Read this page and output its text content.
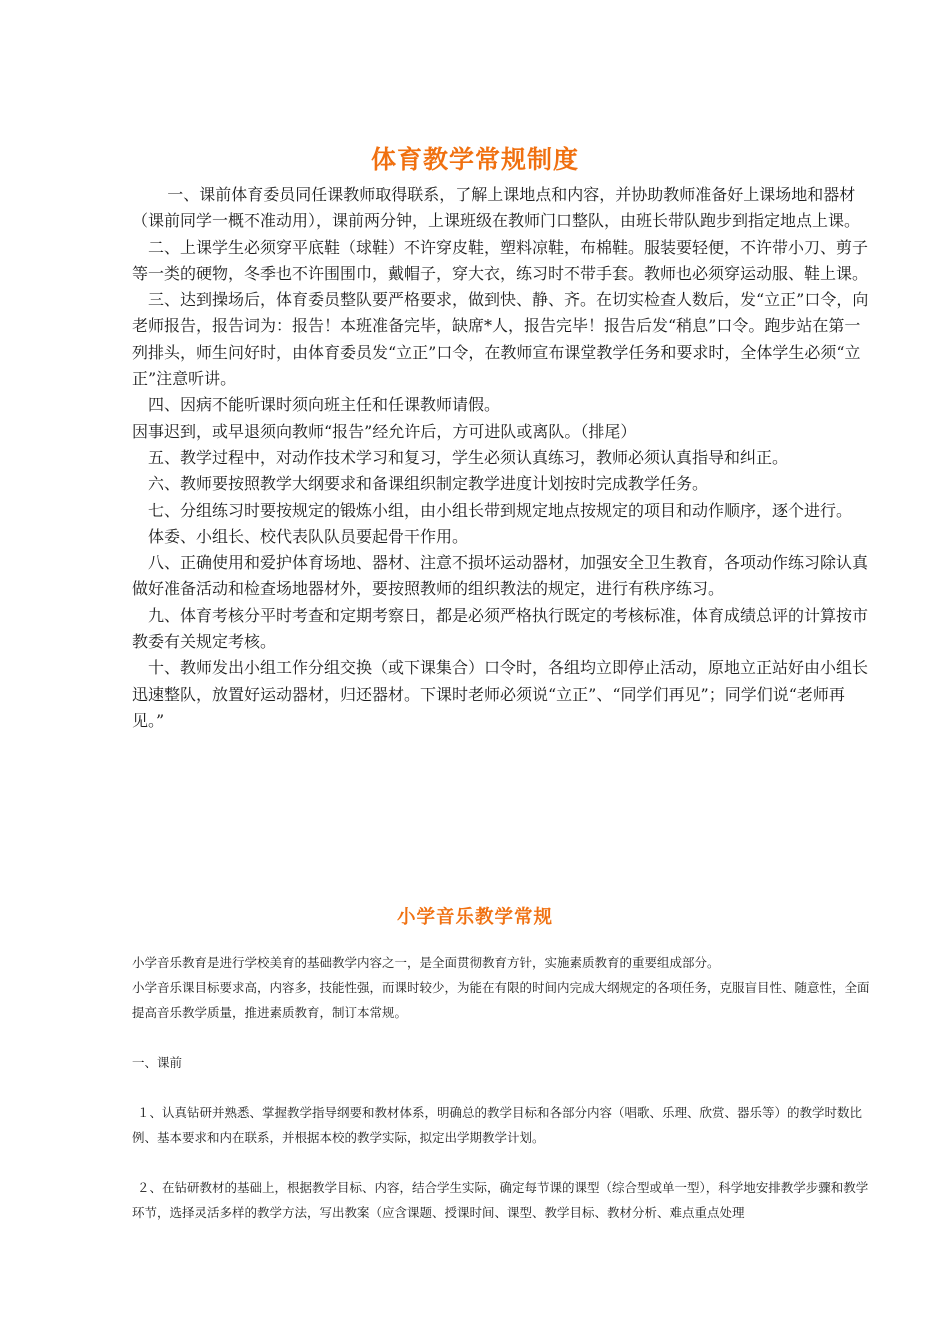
体育教学常规制度

一、课前体育委员同任课教师取得联系，了解上课地点和内容，并协助教师准备好上课场地和器材（课前同学一概不准动用），课前两分钟，上课班级在教师门口整队，由班长带队跑步到指定地点上课。

二、上课学生必须穿平底鞋（球鞋）不许穿皮鞋，塑料凉鞋，布棉鞋。服装要轻便，不许带小刀、剪子等一类的硬物，冬季也不许围围巾，戴帽子，穿大衣，练习时不带手套。教师也必须穿运动服、鞋上课。

三、达到操场后，体育委员整队要严格要求，做到快、静、齐。在切实检查人数后，发“立正”口令，向老师报告，报告词为：报告！本班准备完毕，缺席*人，报告完毕！报告后发“稍息”口令。跑步站在第一列排头，师生问好时，由体育委员发“立正”口令，在教师宣布课堂教学任务和要求时，全体学生必须“立正”注意听讲。

四、因病不能听课时须向班主任和任课教师请假。

因事迟到，或早退须向教师“报告”经允许后，方可进队或离队。（排尾）

五、教学过程中，对动作技术学习和复习，学生必须认真练习，教师必须认真指导和纠正。

六、教师要按照教学大纲要求和备课组织制定教学进度计划按时完成教学任务。

七、分组练习时要按规定的锻炼小组，由小组长带到规定地点按规定的项目和动作顺序，逐个进行。

体委、小组长、校代表队队员要起骨干作用。

八、正确使用和爱护体育场地、器材、注意不损坏运动器材，加强安全卫生教育，各项动作练习除认真做好准备活动和检查场地器材外，要按照教师的组织教法的规定，进行有秩序练习。

九、体育考核分平时考查和定期考察日，都是必须严格执行既定的考核标准，体育成绩总评的计算按市教委有关规定考核。

十、教师发出小组工作分组交换（或下课集合）口令时，各组均立即停止活动，原地立正站好由小组长迅速整队，放置好运动器材，归还器材。下课时老师必须说“立正”、“同学们再见”；同学们说“老师再见。”

小学音乐教学常规

小学音乐教育是进行学校美育的基础教学内容之一，是全面贯彻教育方针，实施素质教育的重要组成部分。

小学音乐课目标要求高，内容多，技能性强，而课时较少，为能在有限的时间内完成大纲规定的各项任务，克服盲目性、随意性，全面提高音乐教学质量，推进素质教育，制订本常规。

一、课前

１、认真钻研并熟悉、掌握教学指导纲要和教材体系，明确总的教学目标和各部分内容（唱歌、乐理、欣赏、器乐等）的教学时数比例、基本要求和内在联系，并根据本校的教学实际，拟定出学期教学计划。

２、在钻研教材的基础上，根据教学目标、内容，结合学生实际，确定每节课的课型（综合型或单一型），科学地安排教学步骤和教学环节，选择灵活多样的教学方法，写出教案（应含课题、授课时间、课型、教学目标、教材分析、难点重点处理
